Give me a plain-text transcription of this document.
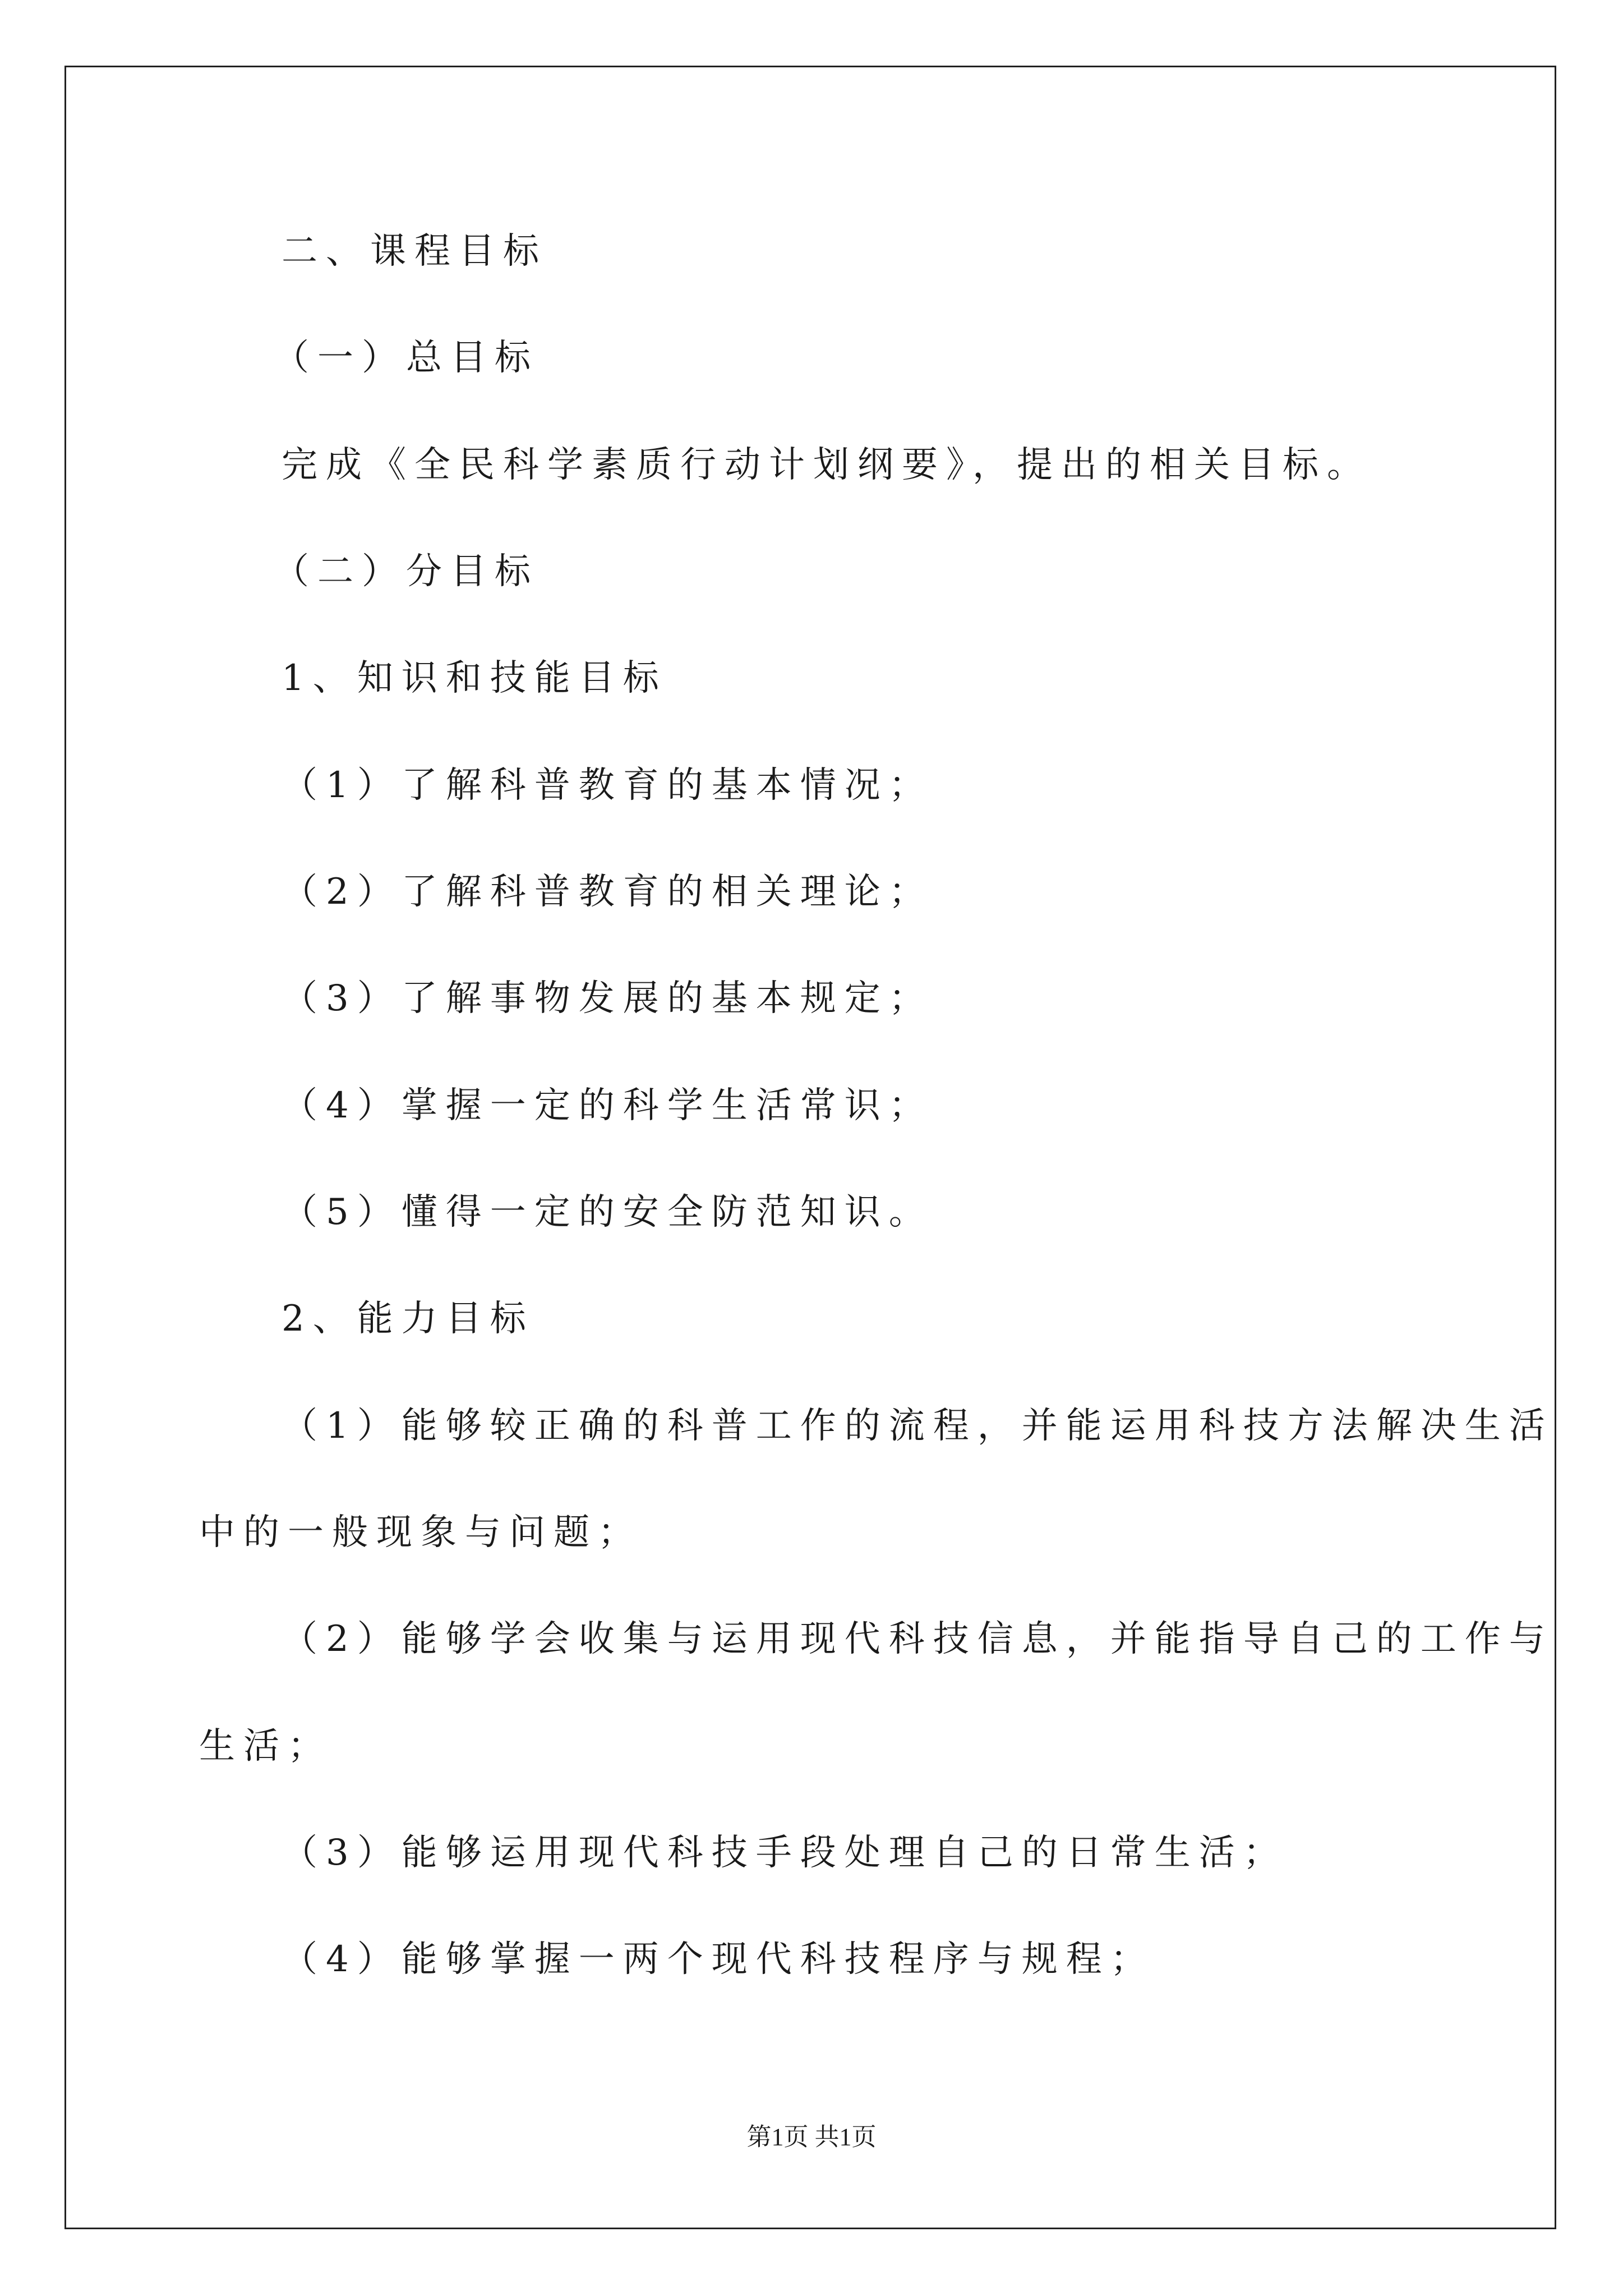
二、课程目标

（一）总目标

完成《全民科学素质行动计划纲要》，提出的相关目标。

（二）分目标

1、知识和技能目标

（1）了解科普教育的基本情况；

（2）了解科普教育的相关理论；

（3）了解事物发展的基本规定；

（4）掌握一定的科学生活常识；

（5）懂得一定的安全防范知识。

2、能力目标

（1）能够较正确的科普工作的流程，并能运用科技方法解决生活

中的一般现象与问题；

（2）能够学会收集与运用现代科技信息，并能指导自己的工作与

生活；

（3）能够运用现代科技手段处理自己的日常生活；

（4）能够掌握一两个现代科技程序与规程；

第1页 共1页
